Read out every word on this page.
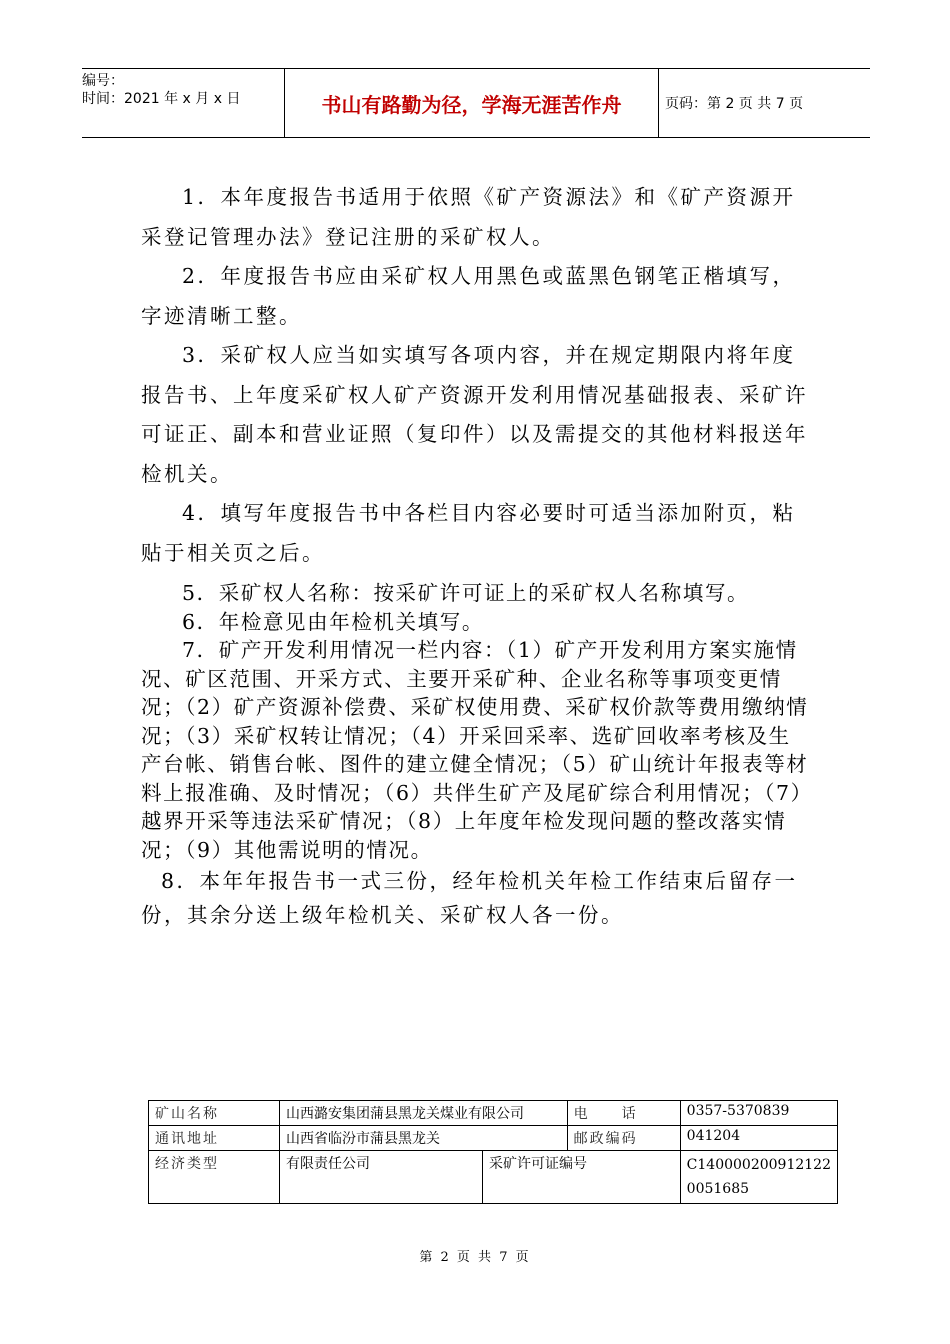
编号：
时间：2021 年 x 月 x 日	书山有路勤为径，学海无涯苦作舟	页码：第 2 页 共 7 页

1．本年度报告书适用于依照《矿产资源法》和《矿产资源开采登记管理办法》登记注册的采矿权人。

2．年度报告书应由采矿权人用黑色或蓝黑色钢笔正楷填写，字迹清晰工整。

3．采矿权人应当如实填写各项内容，并在规定期限内将年度报告书、上年度采矿权人矿产资源开发利用情况基础报表、采矿许可证正、副本和营业证照（复印件）以及需提交的其他材料报送年检机关。

4．填写年度报告书中各栏目内容必要时可适当添加附页，粘贴于相关页之后。

5．采矿权人名称：按采矿许可证上的采矿权人名称填写。

6．年检意见由年检机关填写。

7．矿产开发利用情况一栏内容：（1）矿产开发利用方案实施情况、矿区范围、开采方式、主要开采矿种、企业名称等事项变更情况；（2）矿产资源补偿费、采矿权使用费、采矿权价款等费用缴纳情况；（3）采矿权转让情况；（4）开采回采率、选矿回收率考核及生产台帐、销售台帐、图件的建立健全情况；（5）矿山统计年报表等材料上报准确、及时情况；（6）共伴生矿产及尾矿综合利用情况；（7）越界开采等违法采矿情况；（8）上年度年检发现问题的整改落实情况；（9）其他需说明的情况。

8．本年年报告书一式三份，经年检机关年检工作结束后留存一份，其余分送上级年检机关、采矿权人各一份。

矿山名称	山西潞安集团蒲县黑龙关煤业有限公司		电　　话	0357-5370839
通讯地址	山西省临汾市蒲县黑龙关		邮政编码	041204
经济类型	有限责任公司	采矿许可证编号		C140000200912122
0051685
第 2 页 共 7 页
